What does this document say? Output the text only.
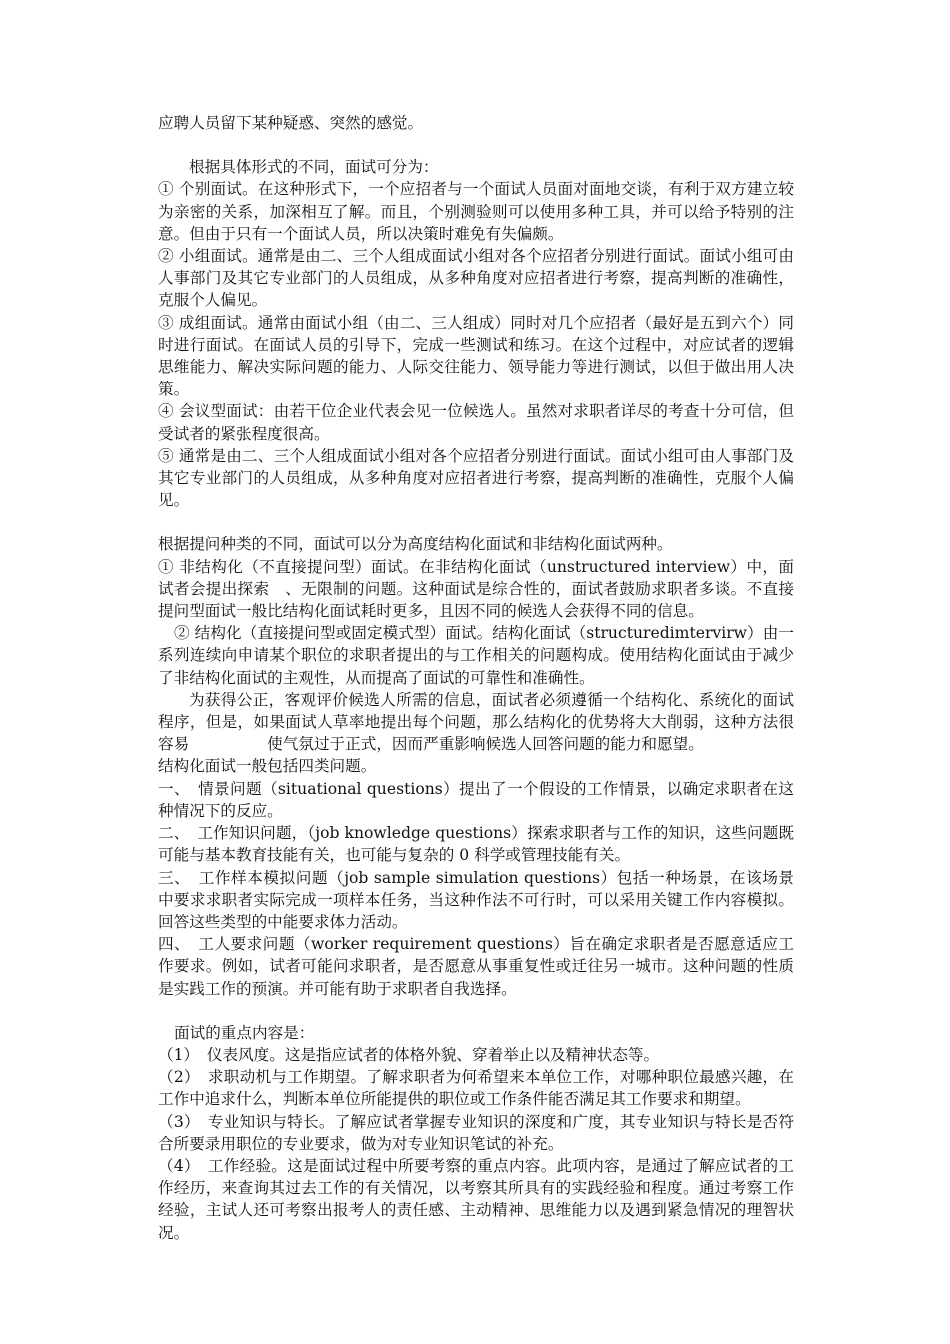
应聘人员留下某种疑惑、突然的感觉。

根据具体形式的不同，面试可分为：

① 个别面试。在这种形式下，一个应招者与一个面试人员面对面地交谈，有利于双方建立较为亲密的关系，加深相互了解。而且，个别测验则可以使用多种工具，并可以给予特别的注意。但由于只有一个面试人员，所以决策时难免有失偏颇。

② 小组面试。通常是由二、三个人组成面试小组对各个应招者分别进行面试。面试小组可由人事部门及其它专业部门的人员组成，从多种角度对应招者进行考察，提高判断的准确性，克服个人偏见。

③ 成组面试。通常由面试小组（由二、三人组成）同时对几个应招者（最好是五到六个）同时进行面试。在面试人员的引导下，完成一些测试和练习。在这个过程中，对应试者的逻辑思维能力、解决实际问题的能力、人际交往能力、领导能力等进行测试，以但于做出用人决策。

④ 会议型面试：由若干位企业代表会见一位候选人。虽然对求职者详尽的考查十分可信，但受试者的紧张程度很高。

⑤ 通常是由二、三个人组成面试小组对各个应招者分别进行面试。面试小组可由人事部门及其它专业部门的人员组成，从多种角度对应招者进行考察，提高判断的准确性，克服个人偏见。

根据提问种类的不同，面试可以分为高度结构化面试和非结构化面试两种。

① 非结构化（不直接提问型）面试。在非结构化面试（unstructured interview）中，面试者会提出探索　、无限制的问题。这种面试是综合性的，面试者鼓励求职者多谈。不直接提问型面试一般比结构化面试耗时更多，且因不同的候选人会获得不同的信息。

② 结构化（直接提问型或固定模式型）面试。结构化面试（structuredimtervirw）由一系列连续向申请某个职位的求职者提出的与工作相关的问题构成。使用结构化面试由于减少了非结构化面试的主观性，从而提高了面试的可靠性和准确性。

为获得公正，客观评价候选人所需的信息，面试者必须遵循一个结构化、系统化的面试程序，但是，如果面试人草率地提出每个问题，那么结构化的优势将大大削弱，这种方法很容易　　　　　使气氛过于正式，因而严重影响候选人回答问题的能力和愿望。

结构化面试一般包括四类问题。

一、　情景问题（situational questions）提出了一个假设的工作情景，以确定求职者在这种情况下的反应。

二、　工作知识问题，（job knowledge questions）探索求职者与工作的知识，这些问题既可能与基本教育技能有关，也可能与复杂的 0 科学或管理技能有关。

三、　工作样本模拟问题（job sample simulation questions）包括一种场景，在该场景中要求求职者实际完成一项样本任务，当这种作法不可行时，可以采用关键工作内容模拟。回答这些类型的中能要求体力活动。

四、　工人要求问题（worker requirement questions）旨在确定求职者是否愿意适应工作要求。例如，试者可能问求职者，是否愿意从事重复性或迁往另一城市。这种问题的性质是实践工作的预演。并可能有助于求职者自我选择。

面试的重点内容是：

（1）　仪表风度。这是指应试者的体格外貌、穿着举止以及精神状态等。

（2）　求职动机与工作期望。了解求职者为何希望来本单位工作，对哪种职位最感兴趣，在工作中追求什么，判断本单位所能提供的职位或工作条件能否满足其工作要求和期望。

（3）　专业知识与特长。了解应试者掌握专业知识的深度和广度，其专业知识与特长是否符合所要录用职位的专业要求，做为对专业知识笔试的补充。

（4）　工作经验。这是面试过程中所要考察的重点内容。此项内容，是通过了解应试者的工作经历，来查询其过去工作的有关情况，以考察其所具有的实践经验和程度。通过考察工作经验，主试人还可考察出报考人的责任感、主动精神、思维能力以及遇到紧急情况的理智状况。
